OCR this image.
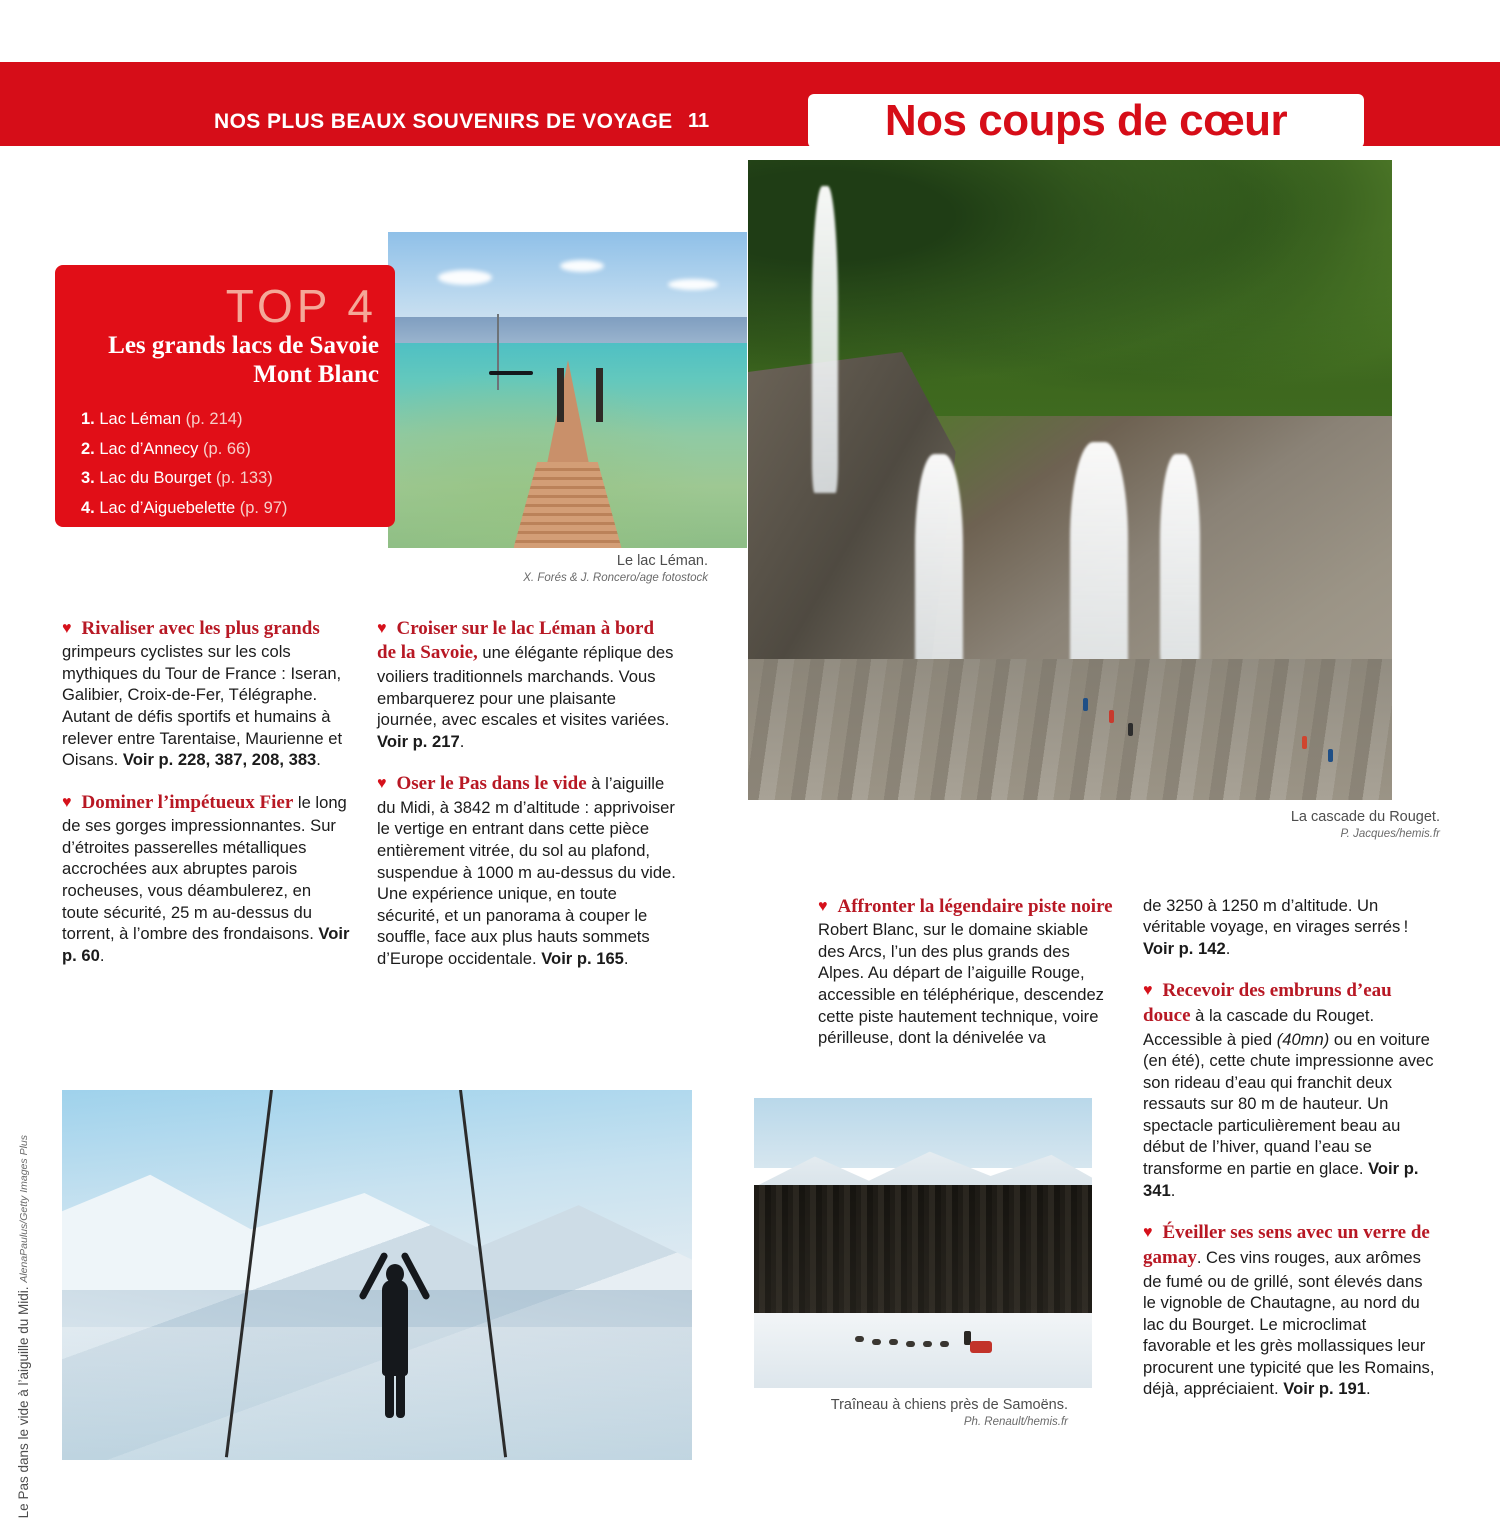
NOS PLUS BEAUX SOUVENIRS DE VOYAGE 11	Nos coups de cœur
Le lac Léman.
X. Forés & J. Roncero/age fotostock
La cascade du Rouget.
P. Jacques/hemis.fr
TOP 4
Les grands lacs de Savoie Mont Blanc
1. Lac Léman (p. 214)
2. Lac d’Annecy (p. 66)
3. Lac du Bourget (p. 133)
4. Lac d’Aiguebelette (p. 97)

♥ Rivaliser avec les plus grands grimpeurs cyclistes sur les cols mythiques du Tour de France : Iseran, Galibier, Croix-de-Fer, Télégraphe. Autant de défis sportifs et humains à relever entre Tarentaise, Maurienne et Oisans. Voir p. 228, 387, 208, 383.

♥ Dominer l’impétueux Fier le long de ses gorges impressionnantes. Sur d’étroites passerelles métalliques accrochées aux abruptes parois rocheuses, vous déambulerez, en toute sécurité, 25 m au-dessus du torrent, à l’ombre des frondaisons. Voir p. 60.

♥ Croiser sur le lac Léman à bord de la Savoie, une élégante réplique des voiliers traditionnels marchands. Vous embarquerez pour une plaisante journée, avec escales et visites variées. Voir p. 217.

♥ Oser le Pas dans le vide à l’aiguille du Midi, à 3842 m d’altitude : apprivoiser le vertige en entrant dans cette pièce entièrement vitrée, du sol au plafond, suspendue à 1000 m au-dessus du vide. Une expérience unique, en toute sécurité, et un panorama à couper le souffle, face aux plus hauts sommets d’Europe occidentale. Voir p. 165.

♥ Affronter la légendaire piste noire Robert Blanc, sur le domaine skiable des Arcs, l’un des plus grands des Alpes. Au départ de l’aiguille Rouge, accessible en téléphérique, descendez cette piste hautement technique, voire périlleuse, dont la dénivelée va

de 3250 à 1250 m d’altitude. Un véritable voyage, en virages serrés ! Voir p. 142.

♥ Recevoir des embruns d’eau douce à la cascade du Rouget. Accessible à pied (40mn) ou en voiture (en été), cette chute impressionne avec son rideau d’eau qui franchit deux ressauts sur 80 m de hauteur. Un spectacle particulièrement beau au début de l’hiver, quand l’eau se transforme en partie en glace. Voir p. 341.

♥ Éveiller ses sens avec un verre de gamay. Ces vins rouges, aux arômes de fumé ou de grillé, sont élevés dans le vignoble de Chautagne, au nord du lac du Bourget. Le microclimat favorable et les grès mollassiques leur procurent une typicité que les Romains, déjà, appréciaient. Voir p. 191.

Le Pas dans le vide à l’aiguille du Midi. AlenaPaulus/Getty Images Plus
Traîneau à chiens près de Samoëns.
Ph. Renault/hemis.fr
